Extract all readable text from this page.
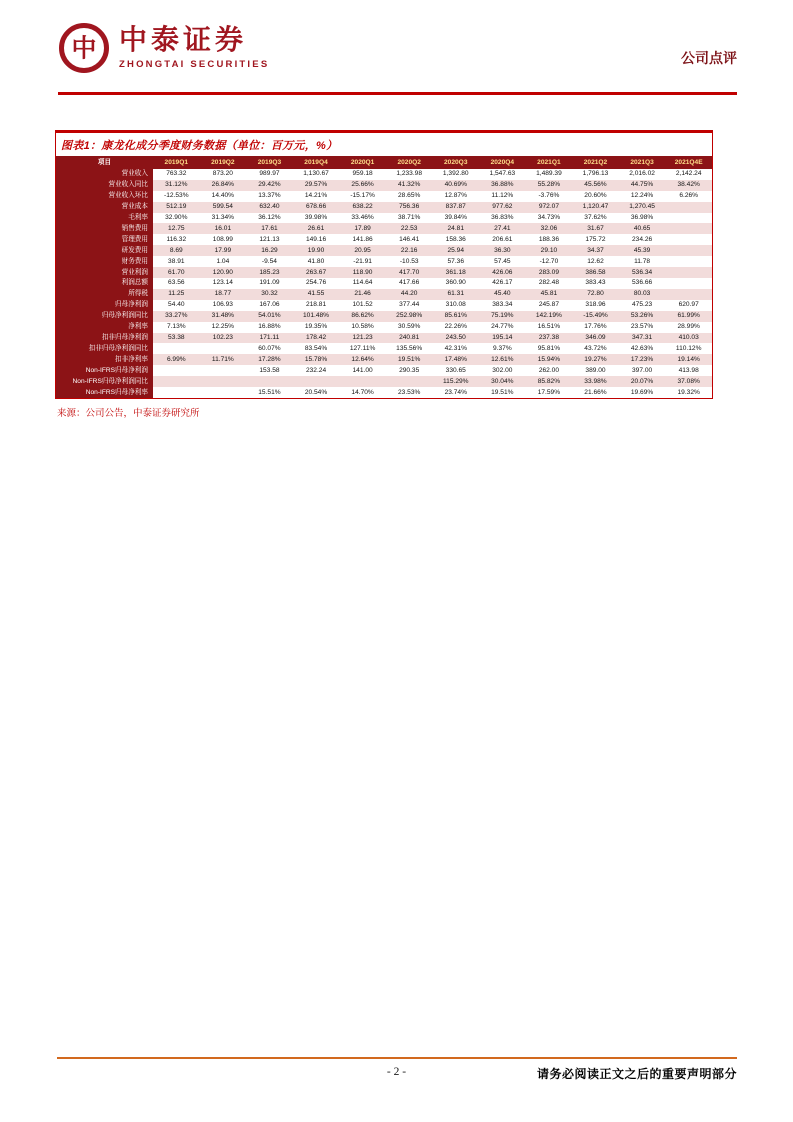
中 中泰证券
ZHONGTAI SECURITIES	公司点评
图表1：康龙化成分季度财务数据（单位：百万元，%）
项目	2019Q1	2019Q2	2019Q3	2019Q4	2020Q1	2020Q2	2020Q3	2020Q4	2021Q1	2021Q2	2021Q3	2021Q4E
营业收入	763.32	873.20	989.97	1,130.67	959.18	1,233.98	1,392.80	1,547.63	1,489.39	1,796.13	2,016.02	2,142.24
营业收入同比	31.12%	26.84%	29.42%	29.57%	25.66%	41.32%	40.69%	36.88%	55.28%	45.56%	44.75%	38.42%
营业收入环比	-12.53%	14.40%	13.37%	14.21%	-15.17%	28.65%	12.87%	11.12%	-3.76%	20.60%	12.24%	6.26%
营业成本	512.19	599.54	632.40	678.66	638.22	756.36	837.87	977.62	972.07	1,120.47	1,270.45	
毛利率	32.90%	31.34%	36.12%	39.98%	33.46%	38.71%	39.84%	36.83%	34.73%	37.62%	36.98%	
销售费用	12.75	16.01	17.61	26.61	17.89	22.53	24.81	27.41	32.06	31.67	40.65	
管理费用	116.32	108.99	121.13	149.16	141.86	146.41	158.36	206.61	188.36	175.72	234.26	
研发费用	8.69	17.99	16.29	19.90	20.95	22.16	25.94	36.30	29.10	34.37	45.39	
财务费用	38.91	1.04	-9.54	41.80	-21.91	-10.53	57.36	57.45	-12.70	12.62	11.78	
营业利润	61.70	120.90	185.23	263.67	118.90	417.70	361.18	426.06	283.09	386.58	536.34	
利润总额	63.56	123.14	191.09	254.76	114.64	417.66	360.90	426.17	282.48	383.43	536.66	
所得税	11.25	18.77	30.32	41.55	21.46	44.20	61.31	45.40	45.81	72.80	80.03	
归母净利润	54.40	106.93	167.06	218.81	101.52	377.44	310.08	383.34	245.87	318.96	475.23	620.97
归母净利润同比	33.27%	31.48%	54.01%	101.48%	86.62%	252.98%	85.61%	75.19%	142.19%	-15.49%	53.26%	61.99%
净利率	7.13%	12.25%	16.88%	19.35%	10.58%	30.59%	22.26%	24.77%	16.51%	17.76%	23.57%	28.99%
扣非归母净利润	53.38	102.23	171.11	178.42	121.23	240.81	243.50	195.14	237.38	346.09	347.31	410.03
扣非归母净利润同比			60.07%	83.54%	127.11%	135.56%	42.31%	9.37%	95.81%	43.72%	42.63%	110.12%
扣非净利率	6.99%	11.71%	17.28%	15.78%	12.64%	19.51%	17.48%	12.61%	15.94%	19.27%	17.23%	19.14%
Non-IFRS归母净利润			153.58	232.24	141.00	290.35	330.65	302.00	262.00	389.00	397.00	413.98
Non-IFRS归母净利润同比							115.29%	30.04%	85.82%	33.98%	20.07%	37.08%
Non-IFRS归母净利率			15.51%	20.54%	14.70%	23.53%	23.74%	19.51%	17.59%	21.66%	19.69%	19.32%
来源：公司公告，中泰证券研究所
- 2 -	请务必阅读正文之后的重要声明部分
